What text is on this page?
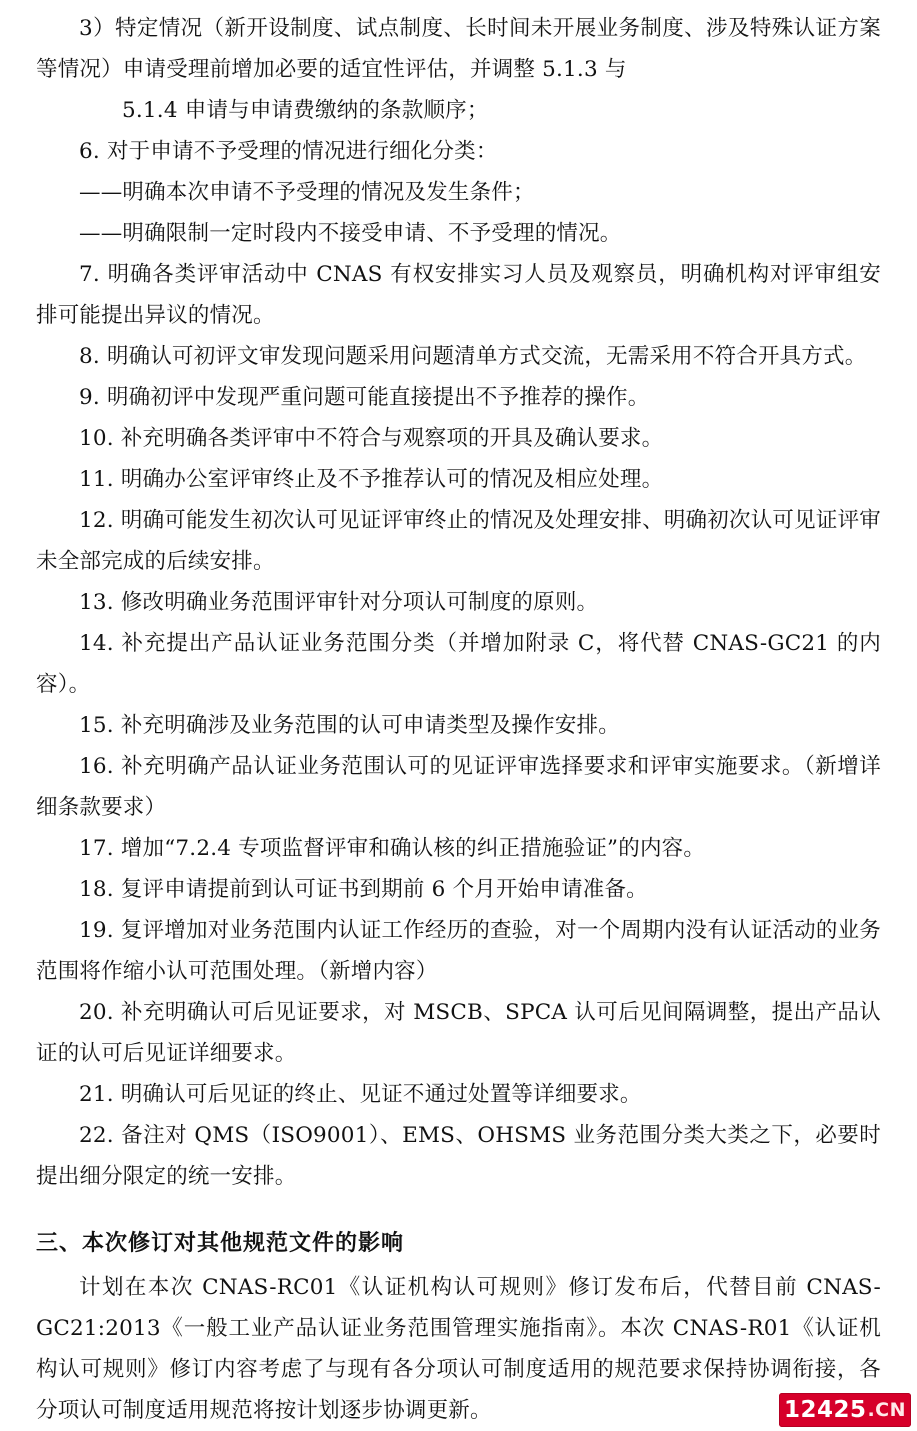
3）特定情况（新开设制度、试点制度、长时间未开展业务制度、涉及特殊认证方案等情况）申请受理前增加必要的适宜性评估，并调整 5.1.3 与

5.1.4 申请与申请费缴纳的条款顺序；

6. 对于申请不予受理的情况进行细化分类：

——明确本次申请不予受理的情况及发生条件；

——明确限制一定时段内不接受申请、不予受理的情况。

7. 明确各类评审活动中 CNAS 有权安排实习人员及观察员，明确机构对评审组安排可能提出异议的情况。

8. 明确认可初评文审发现问题采用问题清单方式交流，无需采用不符合开具方式。

9. 明确初评中发现严重问题可能直接提出不予推荐的操作。

10. 补充明确各类评审中不符合与观察项的开具及确认要求。

11. 明确办公室评审终止及不予推荐认可的情况及相应处理。

12. 明确可能发生初次认可见证评审终止的情况及处理安排、明确初次认可见证评审未全部完成的后续安排。

13. 修改明确业务范围评审针对分项认可制度的原则。

14. 补充提出产品认证业务范围分类（并增加附录 C，将代替 CNAS-GC21 的内容）。

15. 补充明确涉及业务范围的认可申请类型及操作安排。

16. 补充明确产品认证业务范围认可的见证评审选择要求和评审实施要求。（新增详细条款要求）

17. 增加“7.2.4 专项监督评审和确认核的纠正措施验证”的内容。

18. 复评申请提前到认可证书到期前 6 个月开始申请准备。

19. 复评增加对业务范围内认证工作经历的查验，对一个周期内没有认证活动的业务范围将作缩小认可范围处理。（新增内容）

20. 补充明确认可后见证要求，对 MSCB、SPCA 认可后见间隔调整，提出产品认证的认可后见证详细要求。

21. 明确认可后见证的终止、见证不通过处置等详细要求。

22. 备注对 QMS（ISO9001）、EMS、OHSMS 业务范围分类大类之下，必要时提出细分限定的统一安排。

三、本次修订对其他规范文件的影响

计划在本次 CNAS-RC01《认证机构认可规则》修订发布后，代替目前 CNAS-GC21:2013《一般工业产品认证业务范围管理实施指南》。本次 CNAS-R01《认证机构认可规则》修订内容考虑了与现有各分项认可制度适用的规范要求保持协调衔接，各分项认可制度适用规范将按计划逐步协调更新。	12425 .CN
